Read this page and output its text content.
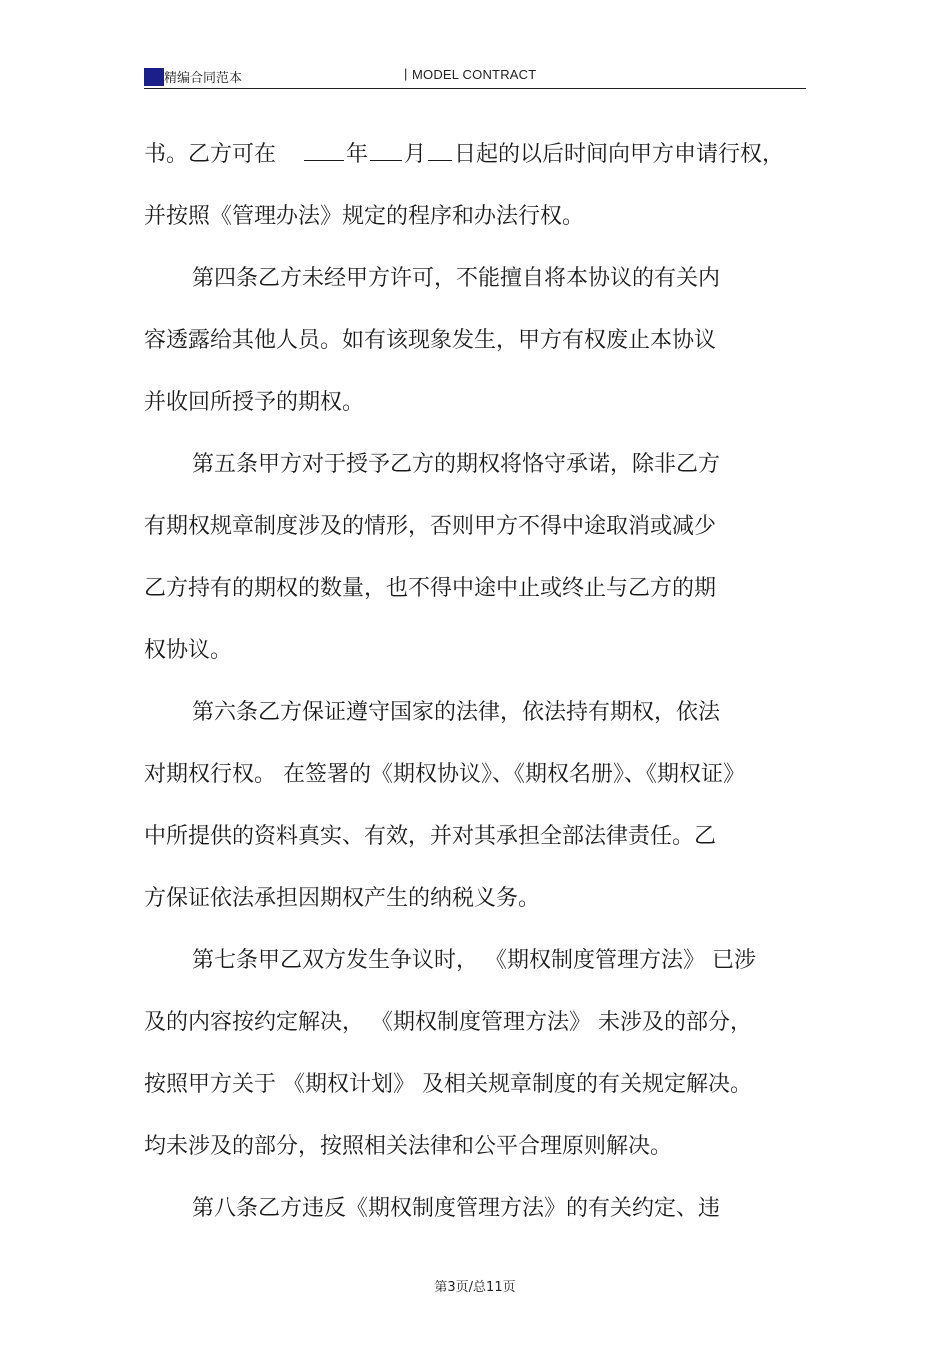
精编合同范本	| MODEL CONTRACT
书。乙方可在	年 月 日起的以后时间向甲方申请行权，
并按照《管理办法》规定的程序和办法行权。
第四条乙方未经甲方许可，不能擅自将本协议的有关内
容透露给其他人员。如有该现象发生，甲方有权废止本协议
并收回所授予的期权。
第五条甲方对于授予乙方的期权将恪守承诺，除非乙方
有期权规章制度涉及的情形，否则甲方不得中途取消或减少
乙方持有的期权的数量，也不得中途中止或终止与乙方的期
权协议。
第六条乙方保证遵守国家的法律，依法持有期权，依法
对期权行权。 在签署的《期权协议》、《期权名册》、《期权证》
中所提供的资料真实、有效，并对其承担全部法律责任。乙
方保证依法承担因期权产生的纳税义务。
第七条甲乙双方发生争议时， 《期权制度管理方法》 已涉
及的内容按约定解决， 《期权制度管理方法》 未涉及的部分，
按照甲方关于 《期权计划》 及相关规章制度的有关规定解决。
均未涉及的部分，按照相关法律和公平合理原则解决。
第八条乙方违反《期权制度管理方法》的有关约定、违
第3页/总11页
